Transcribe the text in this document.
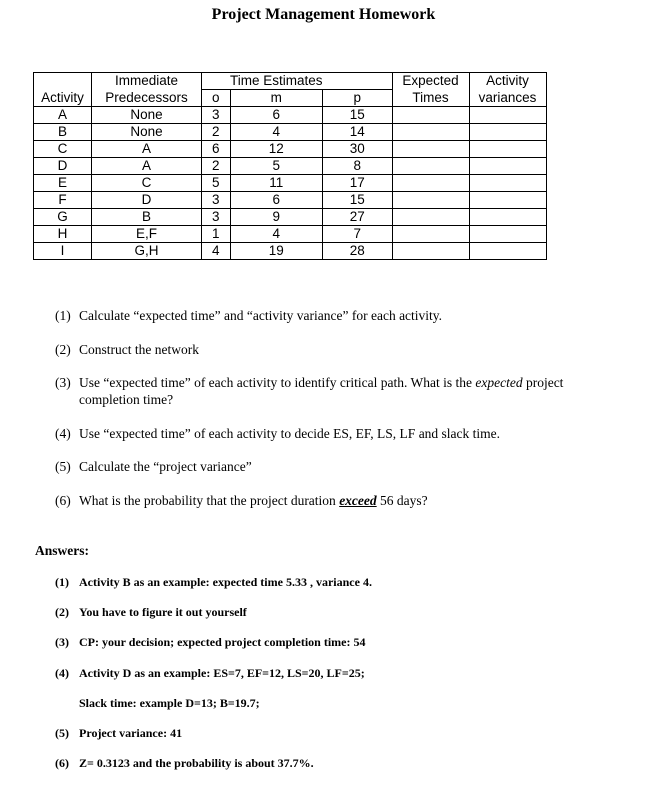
Project Management Homework
	Immediate		Time Estimates		Expected	Activity
Activity	Predecessors	o	m	p	Times	variances
A	None	3	6	15		
B	None	2	4	14		
C	A	6	12	30		
D	A	2	5	8		
E	C	5	11	17		
F	D	3	6	15		
G	B	3	9	27		
H	E,F	1	4	7		
I	G,H	4	19	28		
(1) Calculate “expected time” and “activity variance” for each activity.
(2) Construct the network
(3) Use “expected time” of each activity to identify critical path. What is the expected project
completion time?
(4) Use “expected time” of each activity to decide ES, EF, LS, LF and slack time.
(5) Calculate the “project variance”
(6) What is the probability that the project duration exceed 56 days?
Answers:
(1) Activity B as an example: expected time 5.33 , variance 4.
(2) You have to figure it out yourself
(3) CP: your decision; expected project completion time: 54
(4) Activity D as an example: ES=7, EF=12, LS=20, LF=25;
Slack time: example D=13; B=19.7;
(5) Project variance: 41
(6) Z= 0.3123 and the probability is about 37.7%.
